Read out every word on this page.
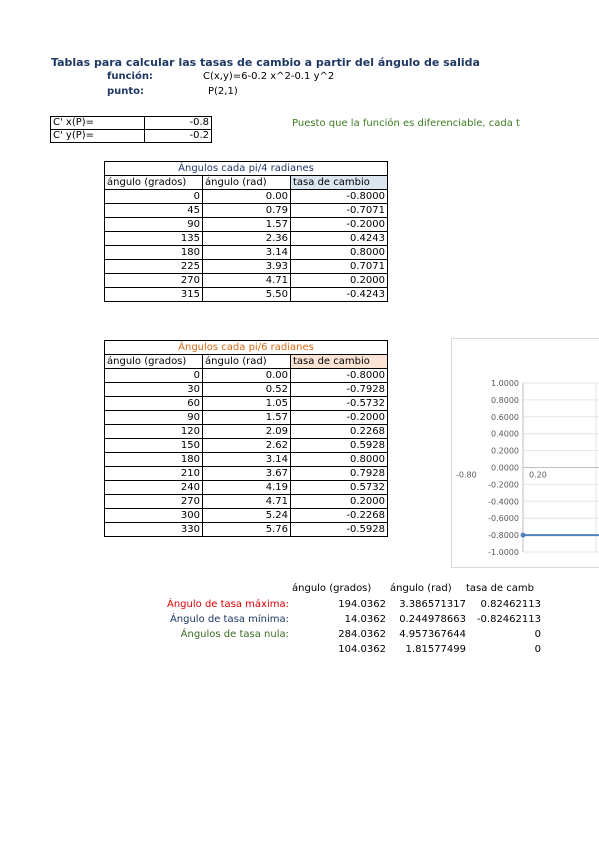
Tablas para calcular las tasas de cambio a partir del ángulo de salida
función:	C(x,y)=6-0.2 x^2-0.1 y^2
punto:	P(2,1)
C' x(P)=	-0.8
C' y(P)=	-0.2
Puesto que la función es diferenciable, cada t
Ángulos cada pi/4 radianes		
ángulo (grados)	ángulo (rad)	tasa de cambio
0	0.00	-0.8000
45	0.79	-0.7071
90	1.57	-0.2000
135	2.36	0.4243
180	3.14	0.8000
225	3.93	0.7071
270	4.71	0.2000
315	5.50	-0.4243
Ángulos cada pi/6 radianes		
ángulo (grados)	ángulo (rad)	tasa de cambio
0	0.00	-0.8000
30	0.52	-0.7928
60	1.05	-0.5732
90	1.57	-0.2000
120	2.09	0.2268
150	2.62	0.5928
180	3.14	0.8000
210	3.67	0.7928
240	4.19	0.5732
270	4.71	0.2000
300	5.24	-0.2268
330	5.76	-0.5928
1.0000
0.8000
0.6000
0.4000
0.2000
0.0000
-0.2000
-0.4000
-0.6000
-0.8000
-1.0000
-0.80	0.20
ángulo (grados) ángulo (rad) tasa de camb
Ángulo de tasa máxima:	194.0362 3.386571317 0.82462113
Ángulo de tasa mínima:	14.0362 0.244978663 -0.82462113
Ángulos de tasa nula:	284.0362 4.957367644	0
104.0362 1.81577499	0
